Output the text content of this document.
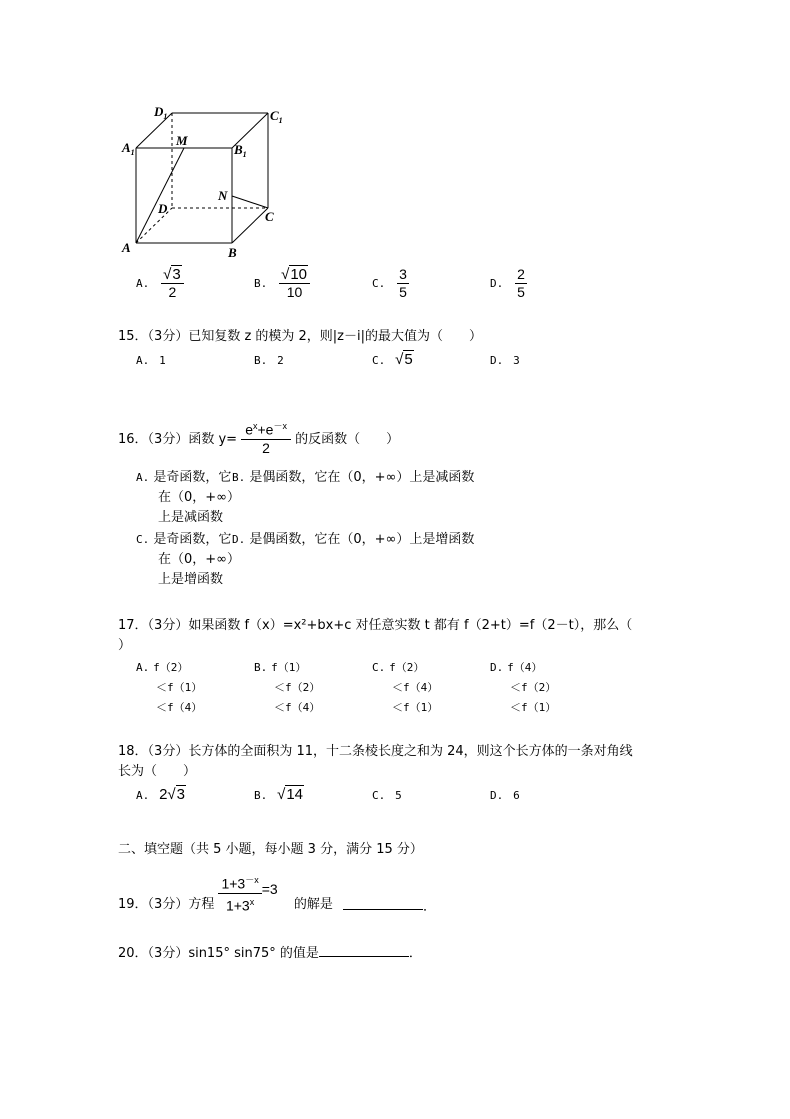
$D_1$	$C_1$
$A_1$
M
$B_1$
N
D
C
A	B
A. $\frac{√3}{2}$	B. $\frac{√10}{10}$	C. $\frac{3}{5}$	D. $\frac{2}{5}$
15．（3分）已知复数 z 的模为 2，则|z－i|的最大值为（　　）
A. 1	B. 2	C. √5	D. 3
16．（3分）函数 $y= \frac{e^x+e^{-x}}{2}$ 的反函数（　　）
A. 是奇函数，它
在（0，+∞）
上是减函数
B. 是偶函数，它在（0，+∞）上是减函数
C. 是奇函数，它
在（0，+∞）
上是增函数
D. 是偶函数，它在（0，+∞）上是增函数
17．（3分）如果函数 f（x）=x²+bx+c 对任意实数 t 都有 f（2+t）=f（2－t），那么（
）
A. f（2）
＜f（1）
＜f（4）
B. f（1）
＜f（2）
＜f（4）
C. f（2）
＜f（4）
＜f（1）
D. f（4）
＜f（2）
＜f（1）
18．（3分）长方体的全面积为 11，十二条棱长度之和为 24，则这个长方体的一条对角线
长为（　　）
A. 2√3	B. √14	C. 5	D. 6
二、填空题（共 5 小题，每小题 3 分，满分 15 分）
19．（3分）方程 $\frac{1+3^{-x}}{1+3^x} =3$
的解是	．
20．（3分）sin15° sin75° 的值是	．
